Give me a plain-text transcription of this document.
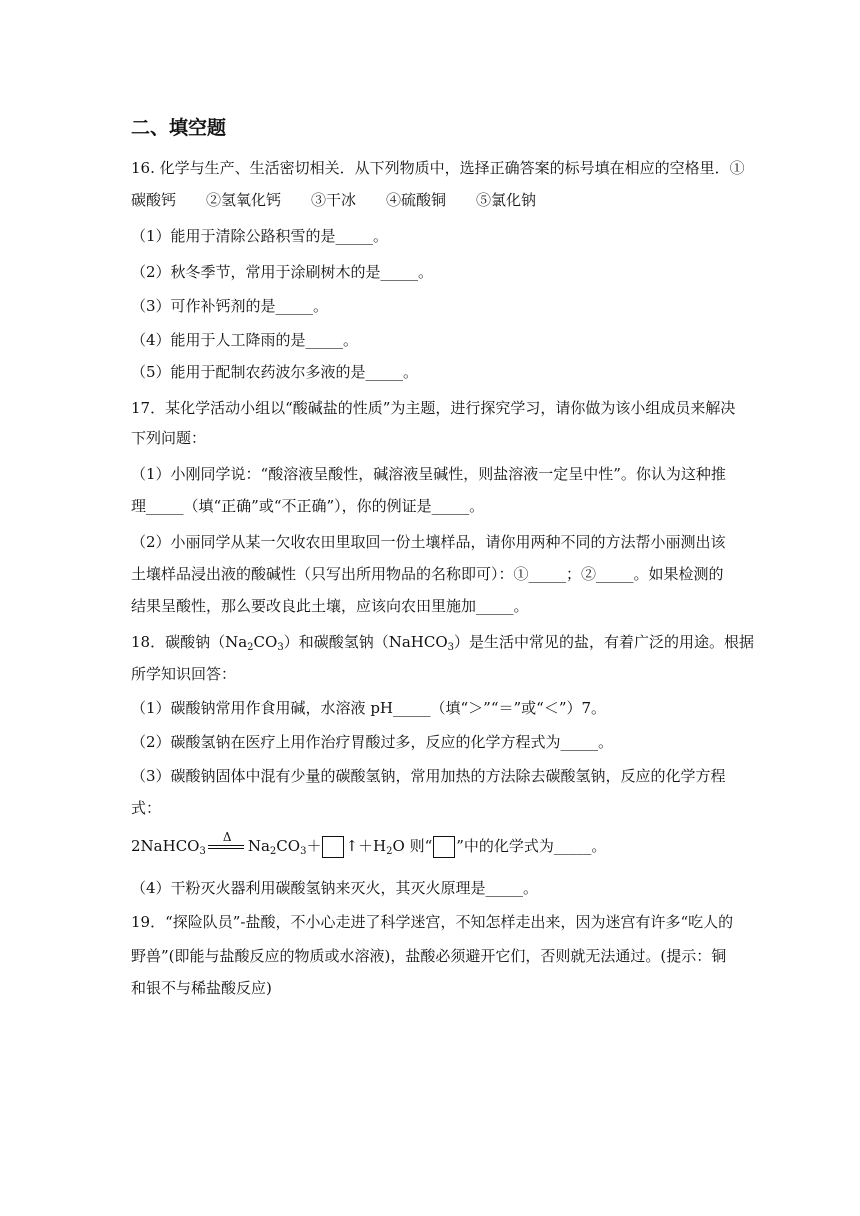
二、填空题
16. 化学与生产、生活密切相关．从下列物质中，选择正确答案的标号填在相应的空格里．①
碳酸钙　　②氢氧化钙　　③干冰　　④硫酸铜　　⑤氯化钠
（1）能用于清除公路积雪的是_____。
（2）秋冬季节，常用于涂刷树木的是_____。
（3）可作补钙剂的是_____。
（4）能用于人工降雨的是_____。
（5）能用于配制农药波尔多液的是_____。
17．某化学活动小组以“酸碱盐的性质”为主题，进行探究学习，请你做为该小组成员来解决
下列问题：
（1）小刚同学说：“酸溶液呈酸性，碱溶液呈碱性，则盐溶液一定呈中性”。你认为这种推
理_____（填“正确”或“不正确”），你的例证是_____。
（2）小丽同学从某一欠收农田里取回一份土壤样品，请你用两种不同的方法帮小丽测出该
土壤样品浸出液的酸碱性（只写出所用物品的名称即可）：①_____；②_____。如果检测的
结果呈酸性，那么要改良此土壤，应该向农田里施加_____。
18．碳酸钠$(Na_2CO_3)$和碳酸氢钠（NaHCO$_3$）是生活中常见的盐，有着广泛的用途。根据
所学知识回答：
（1）碳酸钠常用作食用碱，水溶液 pH_____（填“＞”“＝”或“＜”）7。
（2）碳酸氢钠在医疗上用作治疗胃酸过多，反应的化学方程式为_____。
（3）碳酸钠固体中混有少量的碳酸氢钠，常用加热的方法除去碳酸氢钠，反应的化学方程
式：
2NaHCO$_3$
Δ $Na_2CO_3+$ $↑+H_2O$ 则“ ”中的化学式为_____。
（4）干粉灭火器利用碳酸氢钠来灭火，其灭火原理是_____。
19．“探险队员”-盐酸，不小心走进了科学迷宫，不知怎样走出来，因为迷宫有许多“吃人的
野兽”(即能与盐酸反应的物质或水溶液)，盐酸必须避开它们，否则就无法通过。(提示：铜
和银不与稀盐酸反应)
